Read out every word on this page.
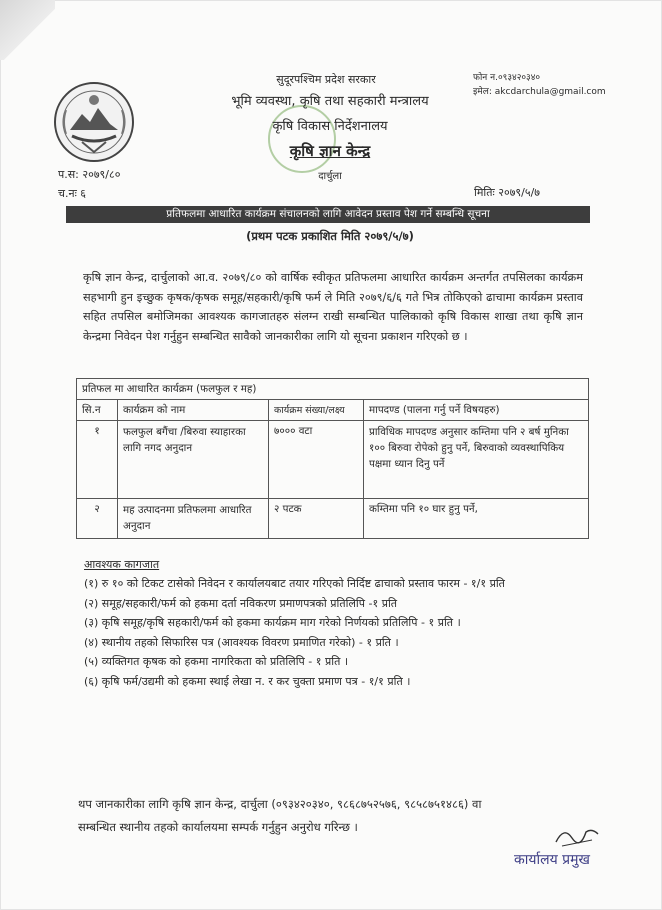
सुदूरपश्चिम प्रदेश सरकार
भूमि व्यवस्था, कृषि तथा सहकारी मन्त्रालय
कृषि विकास निर्देशनालय
कृषि ज्ञान केन्द्र
दार्चुला
फोन न.०९३४२०३४०
इमेल: akcdarchula@gmail.com
प.स: २०७९/८०
च.नः ६	मितिः २०७९/५/७
प्रतिफलमा आधारित कार्यक्रम संचालनको लागि आवेदन प्रस्ताव पेश गर्ने सम्बन्धि सूचना
(प्रथम पटक प्रकाशित मिति २०७९/५/७)
कृषि ज्ञान केन्द्र, दार्चुलाको आ.व. २०७९/८० को वार्षिक स्वीकृत प्रतिफलमा आधारित कार्यक्रम अन्तर्गत तपसिलका कार्यक्रम सहभागी हुन इच्छुक कृषक/कृषक समूह/सहकारी/कृषि फर्म ले मिति २०७९/६/६ गते भित्र तोकिएको ढाचामा कार्यक्रम प्रस्ताव सहित तपसिल बमोजिमका आवश्यक कागजातहरु संलग्न राखी सम्बन्धित पालिकाको कृषि विकास शाखा तथा कृषि ज्ञान केन्द्रमा निवेदन पेश गर्नुहुन सम्बन्धित सावैको जानकारीका लागि यो सूचना प्रकाशन गरिएको छ ।
प्रतिफल मा आधारित कार्यक्रम (फलफुल र मह)			
सि.न	कार्यक्रम को नाम	कार्यक्रम संख्या/लक्ष्य	मापदण्ड (पालना गर्नु पर्ने विषयहरु)
१	फलफुल बगैंचा /बिरुवा स्याहारका लागि नगद अनुदान	७००० वटा	प्राविधिक मापदण्ड अनुसार कम्तिमा पनि २ बर्ष मुनिका १०० बिरुवा रोपेको हुनु पर्ने, बिरुवाको व्यवस्थापिकिय पक्षमा ध्यान दिनु पर्ने
२	मह उत्पादनमा प्रतिफलमा आधारित अनुदान	२ पटक	कम्तिमा पनि १० घार हुनु पर्ने,
आवश्यक कागजात
(१) रु १० को टिकट टासेको निवेदन र कार्यालयबाट तयार गरिएको निर्दिष्ट ढाचाको प्रस्ताव फारम - १/१ प्रति
(२) समूह/सहकारी/फर्म को हकमा दर्ता नविकरण प्रमाणपत्रको प्रतिलिपि -१ प्रति
(३) कृषि समूह/कृषि सहकारी/फर्म को हकमा कार्यक्रम माग गरेको निर्णयको प्रतिलिपि - १ प्रति ।
(४) स्थानीय तहको सिफारिस पत्र (आवश्यक विवरण प्रमाणित गरेको) - १ प्रति ।
(५) व्यक्तिगत कृषक को हकमा नागरिकता को प्रतिलिपि - १ प्रति ।
(६) कृषि फर्म/उद्यमी को हकमा स्थाई लेखा न. र कर चुक्ता प्रमाण पत्र - १/१ प्रति ।
थप जानकारीका लागि कृषि ज्ञान केन्द्र, दार्चुला (०९३४२०३४०, ९८६८७५२५७६, ९८५८७५१४८६) वा
सम्बन्धित स्थानीय तहको कार्यालयमा सम्पर्क गर्नुहुन अनुरोध गरिन्छ ।
कार्यालय प्रमुख
